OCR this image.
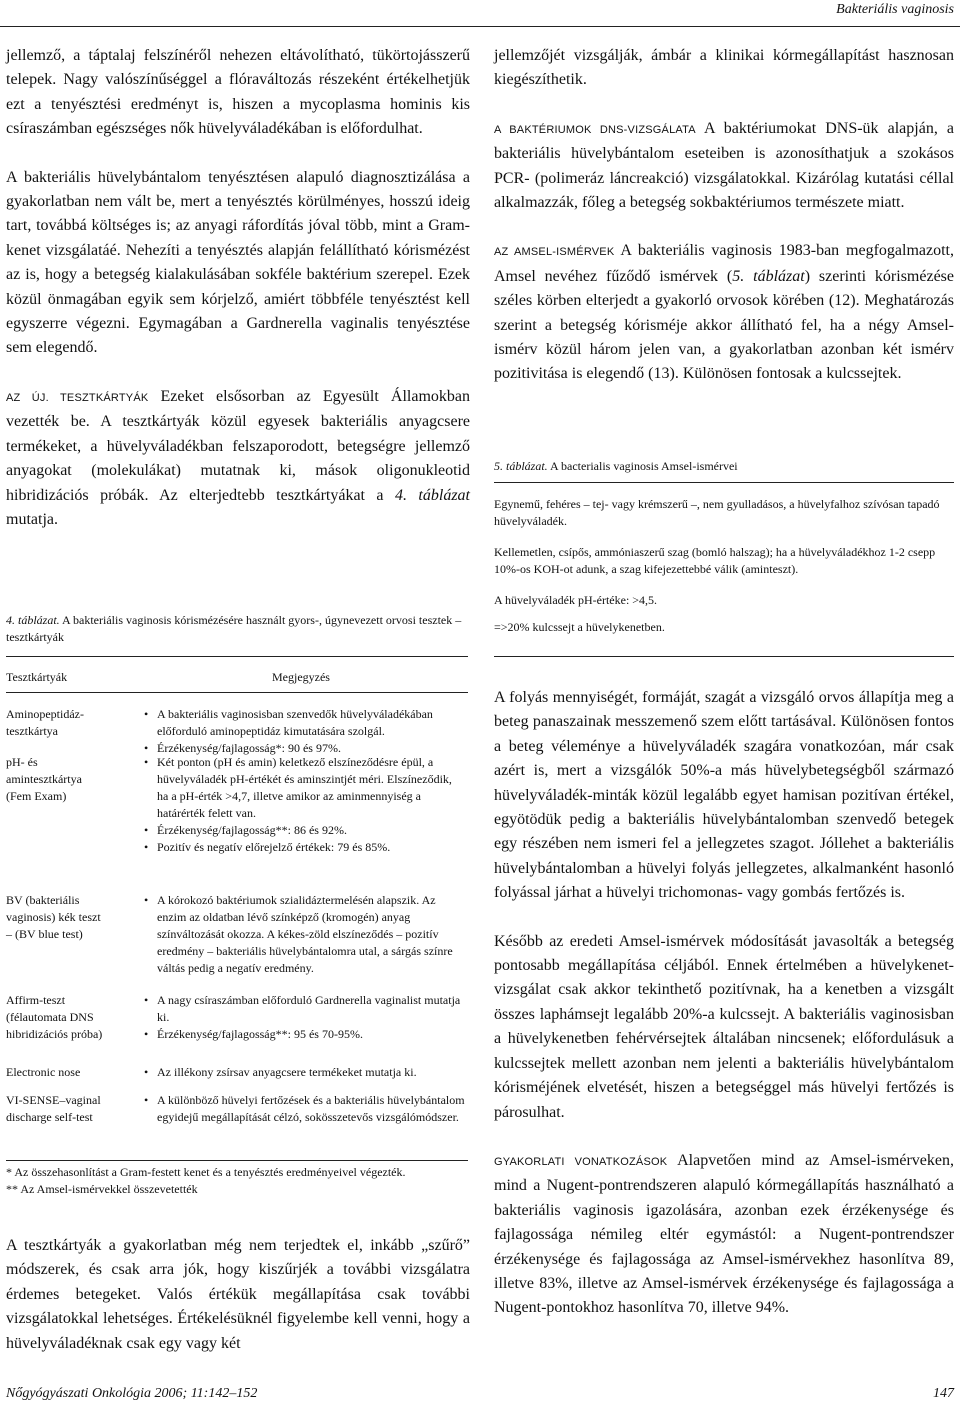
Bakteriális vaginosis

jellemző, a táptalaj felszínéről nehezen eltávolítható, tükörtojásszerű telepek. Nagy valószínűséggel a flóraváltozás részeként értékelhetjük ezt a tenyésztési eredményt is, hiszen a mycoplasma hominis kis csíraszámban egészséges nők hüvelyváladékában is előfordulhat.

A bakteriális hüvelybántalom tenyésztésen alapuló diagnosztizálása a gyakorlatban nem vált be, mert a tenyésztés körülményes, hosszú ideig tart, továbbá költséges is; az anyagi ráfordítás jóval több, mint a Gram-kenet vizsgálatáé. Nehezíti a tenyésztés alapján felállítható kórismézést az is, hogy a betegség kialakulásában sokféle baktérium szerepel. Ezek közül önmagában egyik sem kórjelző, amiért többféle tenyésztést kell egyszerre végezni. Egymagában a Gardnerella vaginalis tenyésztése sem elegendő.

AZ ÚJ. TESZTKÁRTYÁK Ezeket elsősorban az Egyesült Államokban vezették be. A tesztkártyák közül egyesek bakteriális anyagcsere termékeket, a hüvelyváladékban felszaporodott, betegségre jellemző anyagokat (molekulákat) mutatnak ki, mások oligonukleotid hibridizációs próbák. Az elterjedtebb tesztkártyákat a 4. táblázat mutatja.

4. táblázat. A bakteriális vaginosis kórismézésére használt gyors-, úgynevezett orvosi tesztek – tesztkártyák
Tesztkártyák	Megjegyzés
Aminopeptidáz-
tesztkártya
• A bakteriális vaginosisban szenvedők hüvelyváladékában előforduló aminopeptidáz kimutatására szolgál.
• Érzékenység/fajlagosság*: 90 és 97%.
pH- és
amintesztkártya
(Fem Exam)
• Két ponton (pH és amin) keletkező elszíneződésre épül, a hüvelyváladék pH-értékét és aminszintjét méri. Elszíneződik, ha a pH-érték >4,7, illetve amikor az aminmennyiség a határérték felett van.
• Érzékenység/fajlagosság**: 86 és 92%.
• Pozitív és negatív előrejelző értékek: 79 és 85%.
BV (bakteriális
vaginosis) kék teszt
– (BV blue test)
• A kórokozó baktériumok szialidáztermelésén alapszik. Az enzim az oldatban lévő színképző (kromogén) anyag színváltozását okozza. A kékes-zöld elszíneződés – pozitív eredmény – bakteriális hüvelybántalomra utal, a sárgás színre váltás pedig a negatív eredmény.
Affirm-teszt
(félautomata DNS
hibridizációs próba)
• A nagy csíraszámban előforduló Gardnerella vaginalist mutatja ki.
• Érzékenység/fajlagosság**: 95 és 70-95%.
Electronic nose
•	Az illékony zsírsav anyagcsere termékeket mutatja ki.
VI-SENSE–vaginal
discharge self-test
• A különböző hüvelyi fertőzések és a bakteriális hüvelybántalom egyidejű megállapítását célzó, sokösszetevős vizsgálómódszer.
* Az összehasonlítást a Gram-festett kenet és a tenyésztés eredményeivel végezték.
** Az Amsel-ismérvekkel összevetették

A tesztkártyák a gyakorlatban még nem terjedtek el, inkább „szűrő” módszerek, és csak arra jók, hogy kiszűrjék a további vizsgálatra érdemes betegeket. Valós értékük megállapítása csak további vizsgálatokkal lehetséges. Értékelésüknél figyelembe kell venni, hogy a hüvelyváladéknak csak egy vagy két

jellemzőjét vizsgálják, ámbár a klinikai kórmegállapítást hasznosan kiegészíthetik.

A BAKTÉRIUMOK DNS-VIZSGÁLATA A baktériumokat DNS-ük alapján, a bakteriális hüvelybántalom eseteiben is azonosíthatjuk a szokásos PCR- (polimeráz láncreakció) vizsgálatokkal. Kizárólag kutatási céllal alkalmazzák, főleg a betegség sokbaktériumos természete miatt.

AZ AMSEL-ISMÉRVEK A bakteriális vaginosis 1983-ban megfogalmazott, Amsel nevéhez fűződő ismérvek (5. táblázat) szerinti kórismézése széles körben elterjedt a gyakorló orvosok körében (12). Meghatározás szerint a betegség kórisméje akkor állítható fel, ha a négy Amsel-ismérv közül három jelen van, a gyakorlatban azonban két ismérv pozitivitása is elegendő (13). Különösen fontosak a kulcssejtek.

5. táblázat. A bacterialis vaginosis Amsel-ismérvei

Egynemű, fehéres – tej- vagy krémszerű –, nem gyulladásos, a hüvelyfalhoz szívósan tapadó hüvelyváladék.

Kellemetlen, csípős, ammóniaszerű szag (bomló halszag); ha a hüvelyváladékhoz 1-2 csepp 10%-os KOH-ot adunk, a szag kifejezettebbé válik (aminteszt).

A hüvelyváladék pH-értéke: >4,5.

=>20% kulcssejt a hüvelykenetben.

A folyás mennyiségét, formáját, szagát a vizsgáló orvos állapítja meg a beteg panaszainak messzemenő szem előtt tartásával. Különösen fontos a beteg véleménye a hüvelyváladék szagára vonatkozóan, már csak azért is, mert a vizsgálók 50%-a más hüvelybetegségből származó hüvelyváladék-minták közül legalább egyet hamisan pozitívan értékel, egyötödük pedig a bakteriális hüvelybántalomban szenvedő betegek egy részében nem ismeri fel a jellegzetes szagot. Jóllehet a bakteriális hüvelybántalomban a hüvelyi folyás jellegzetes, alkalmanként hasonló folyással járhat a hüvelyi trichomonas- vagy gombás fertőzés is.

Később az eredeti Amsel-ismérvek módosítását javasolták a betegség pontosabb megállapítása céljából. Ennek értelmében a hüvelykenet-vizsgálat csak akkor tekinthető pozitívnak, ha a kenetben a vizsgált összes laphámsejt legalább 20%-a kulcssejt. A bakteriális vaginosisban a hüvelykenetben fehérvérsejtek általában nincsenek; előfordulásuk a kulcssejtek mellett azonban nem jelenti a bakteriális hüvelybántalom kórisméjének elvetését, hiszen a betegséggel más hüvelyi fertőzés is párosulhat.

GYAKORLATI VONATKOZÁSOK Alapvetően mind az Amsel-ismérveken, mind a Nugent-pontrendszeren alapuló kórmegállapítás használható a bakteriális vaginosis igazolására, azonban ezek érzékenysége és fajlagossága némileg eltér egymástól: a Nugent-pontrendszer érzékenysége és fajlagossága az Amsel-ismérvekhez hasonlítva 89, illetve 83%, illetve az Amsel-ismérvek érzékenysége és fajlagossága a Nugent-pontokhoz hasonlítva 70, illetve 94%.

Nőgyógyászati Onkológia 2006; 11:142–152	147
